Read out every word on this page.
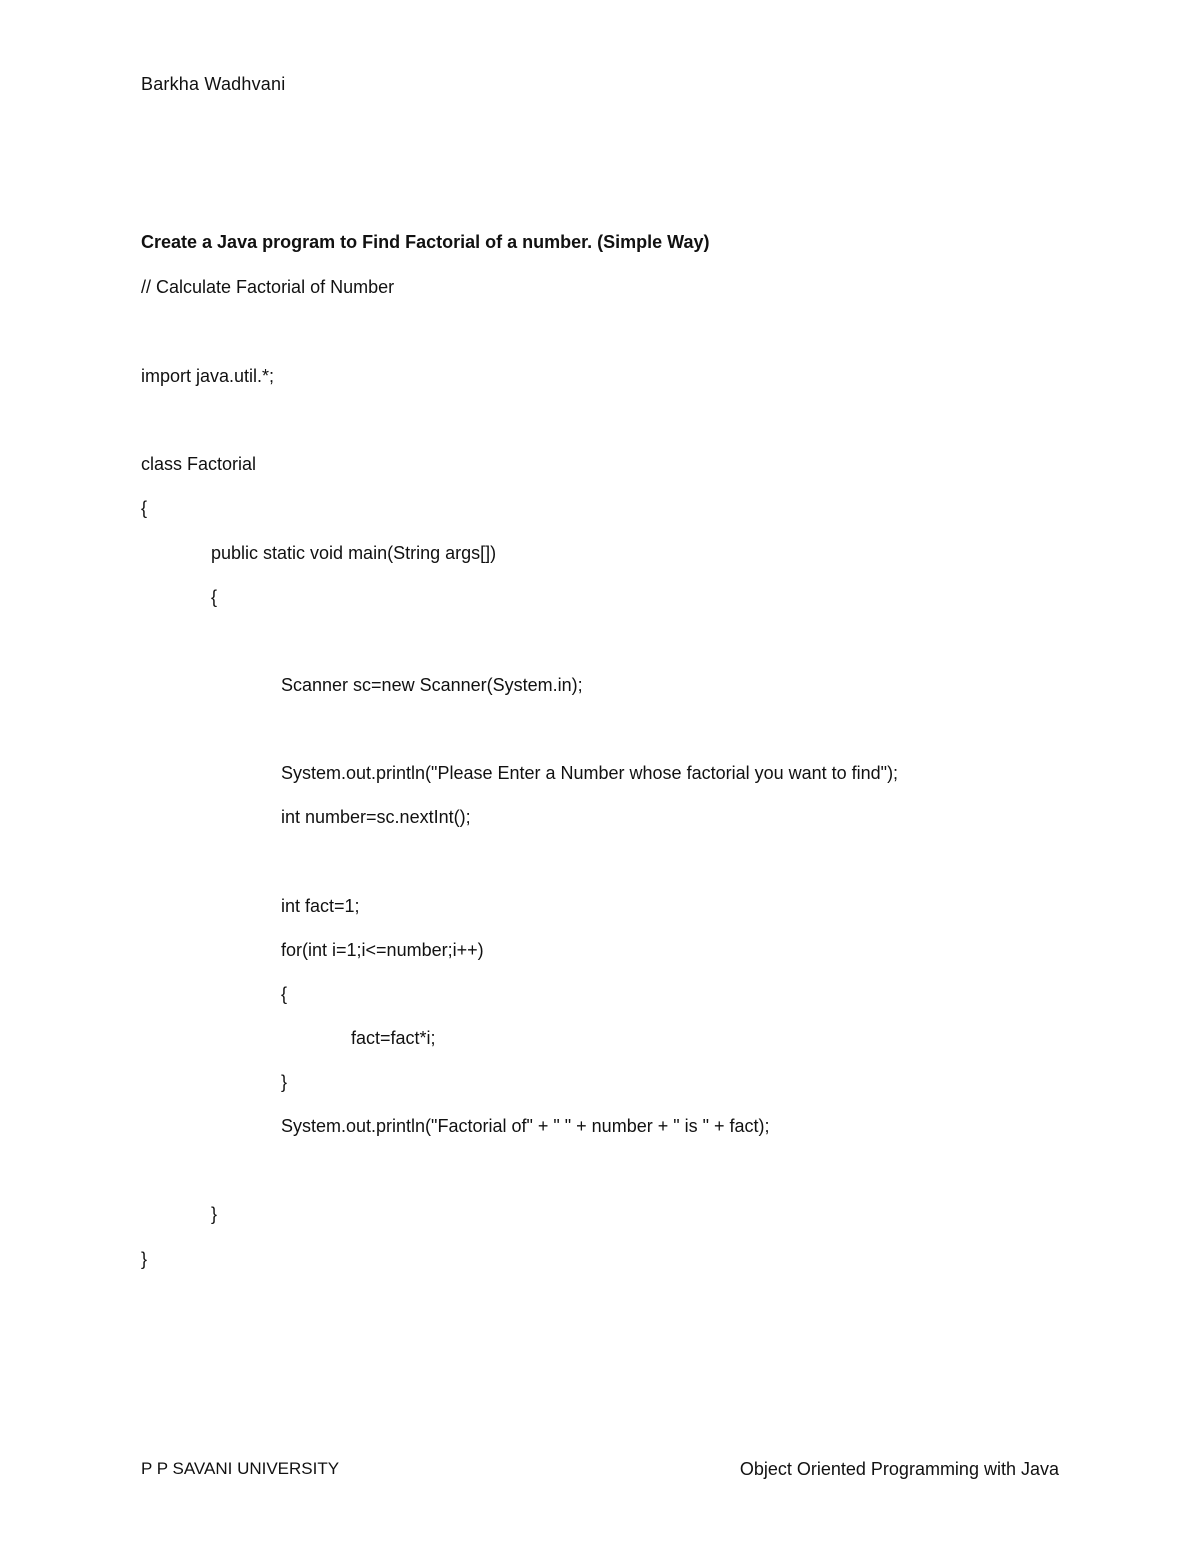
Barkha Wadhvani
Create a Java program to Find Factorial of a number. (Simple Way)
// Calculate Factorial of Number
import java.util.*;
class Factorial
{
public static void main(String args[])
{
Scanner sc=new Scanner(System.in);
System.out.println("Please Enter a Number whose factorial you want to find");
int number=sc.nextInt();
int fact=1;
for(int i=1;i<=number;i++)
{
fact=fact*i;
}
System.out.println("Factorial of" + " " + number + " is " + fact);
}
}
P P SAVANI UNIVERSITY	Object Oriented Programming with Java
